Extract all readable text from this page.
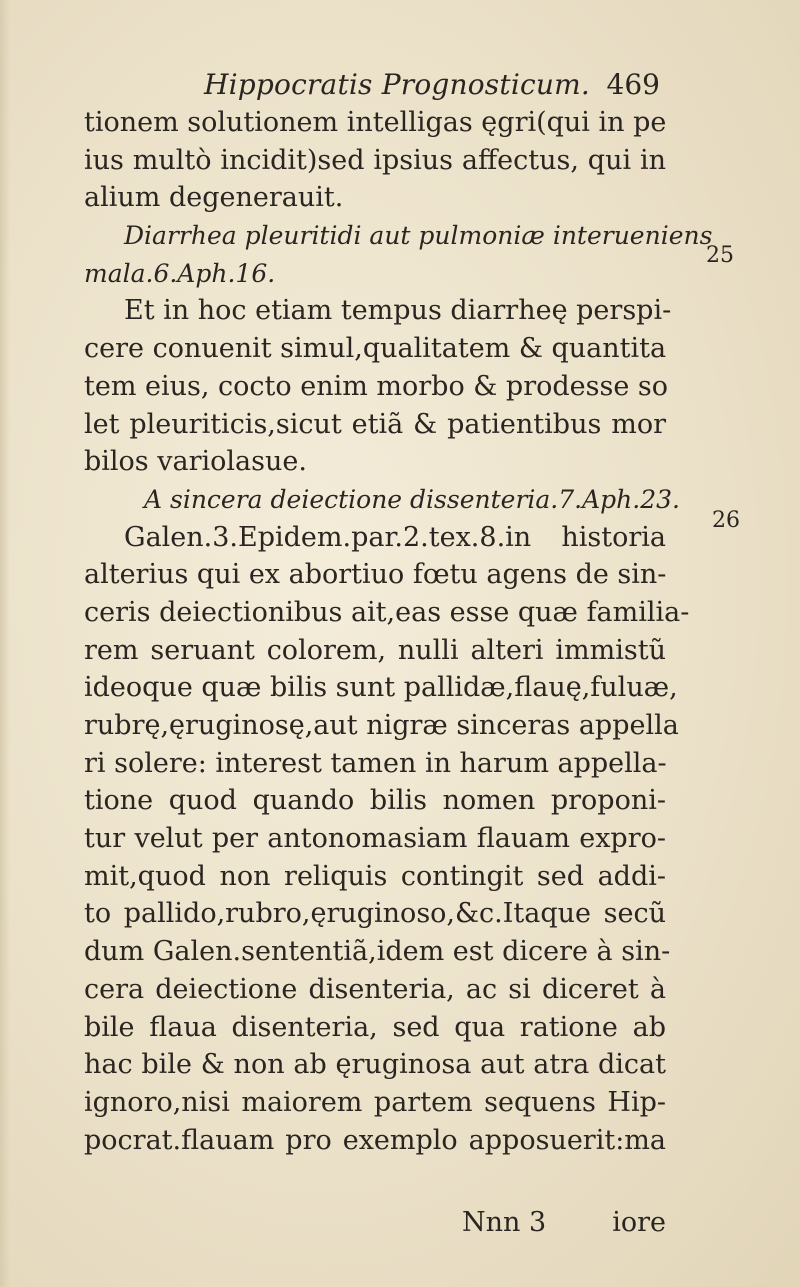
Hippocratis Prognosticum. 469
25
26
tionem solutionem intelligas ęgri(qui in pe
ius multò incidit)sed ipsius affectus, qui in
alium degenerauit.
Diarrhea pleuritidi aut pulmoniæ interueniens
mala.6.Aph.16.
Et in hoc etiam tempus diarrheę perspi-
cere conuenit simul,qualitatem & quantita
tem eius, cocto enim morbo & prodesse so
let pleuriticis,sicut etiã & patientibus mor
bilos variolasue.
A sincera deiectione dissenteria.7.Aph.23.
Galen.3.Epidem.par.2.tex.8.in historia
alterius qui ex abortiuo fœtu agens de sin-
ceris deiectionibus ait,eas esse quæ familia-
rem seruant colorem, nulli alteri immistũ
ideoque quæ bilis sunt pallidæ,flauę,fuluæ,
rubrę,ęruginosę,aut nigræ sinceras appella
ri solere: interest tamen in harum appella-
tione quod quando bilis nomen proponi-
tur velut per antonomasiam flauam expro-
mit,quod non reliquis contingit sed addi-
to pallido,rubro,ęruginoso,&c.Itaque secũ
dum Galen.sententiã,idem est dicere à sin-
cera deiectione disenteria, ac si diceret à
bile flaua disenteria, sed qua ratione ab
hac bile & non ab ęruginosa aut atra dicat
ignoro,nisi maiorem partem sequens Hip-
pocrat.flauam pro exemplo apposuerit:ma
Nnn 3 iore
